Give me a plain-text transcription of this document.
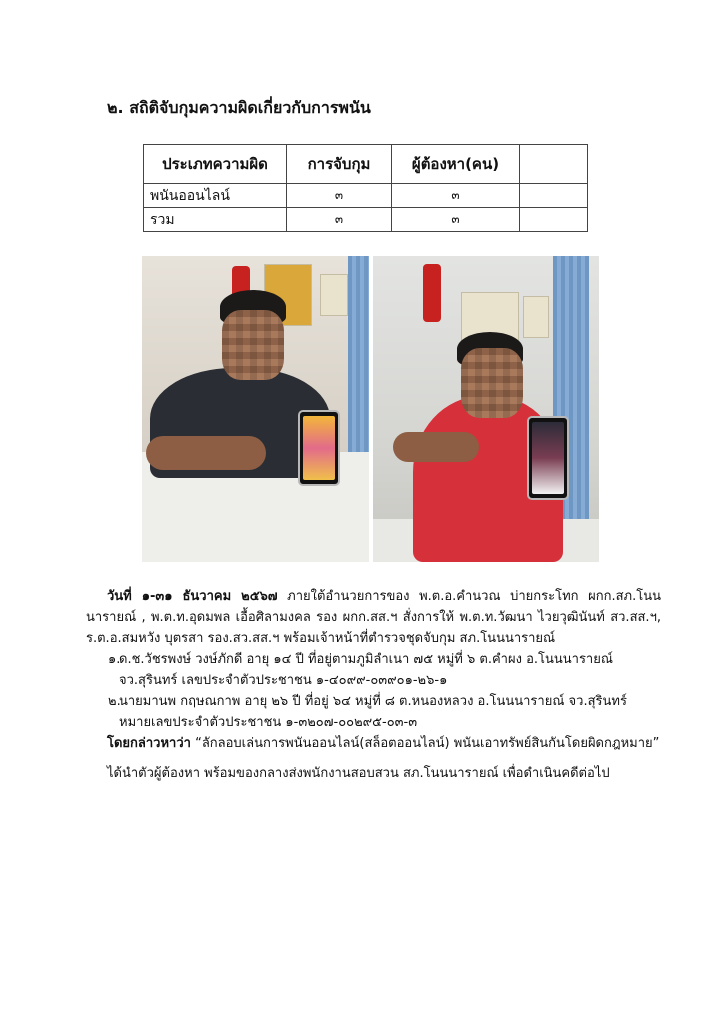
๒. สถิติจับกุมความผิดเกี่ยวกับการพนัน
ประเภทความผิด	การจับกุม	ผู้ต้องหา(คน)	
พนันออนไลน์	๓	๓	
รวม	๓	๓	

วันที่ ๑-๓๑ ธันวาคม ๒๕๖๗ ภายใต้อำนวยการของ พ.ต.อ.คำนวณ บ่ายกระโทก ผกก.สภ.โนนนารายณ์ , พ.ต.ท.อุดมพล เอื้อศิลามงคล รอง ผกก.สส.ฯ สั่งการให้ พ.ต.ท.วัฒนา ไวยวุฒินันท์ สว.สส.ฯ, ร.ต.อ.สมหวัง บุตรสา รอง.สว.สส.ฯ พร้อมเจ้าหน้าที่ตำรวจชุดจับกุม สภ.โนนนารายณ์

๑.
ด.ช.วัชรพงษ์ วงษ์ภักดี อายุ ๑๔ ปี ที่อยู่ตามภูมิลำเนา ๗๕ หมู่ที่ ๖ ต.คำผง อ.โนนนารายณ์ จว.สุรินทร์ เลขประจำตัวประชาชน ๑-๔๐๙๙-๐๓๙๐๑-๒๖-๑
๒.
นายมานพ กฤษณกาพ อายุ ๒๖ ปี ที่อยู่ ๖๔ หมู่ที่ ๘ ต.หนองหลวง อ.โนนนารายณ์ จว.สุรินทร์ หมายเลขประจำตัวประชาชน ๑-๓๒๐๗-๐๐๒๙๕-๐๓-๓

โดยกล่าวหาว่า “ลักลอบเล่นการพนันออนไลน์(สล็อตออนไลน์) พนันเอาทรัพย์สินกันโดยผิดกฎหมาย”

ได้นำตัวผู้ต้องหา พร้อมของกลางส่งพนักงานสอบสวน สภ.โนนนารายณ์ เพื่อดำเนินคดีต่อไป
